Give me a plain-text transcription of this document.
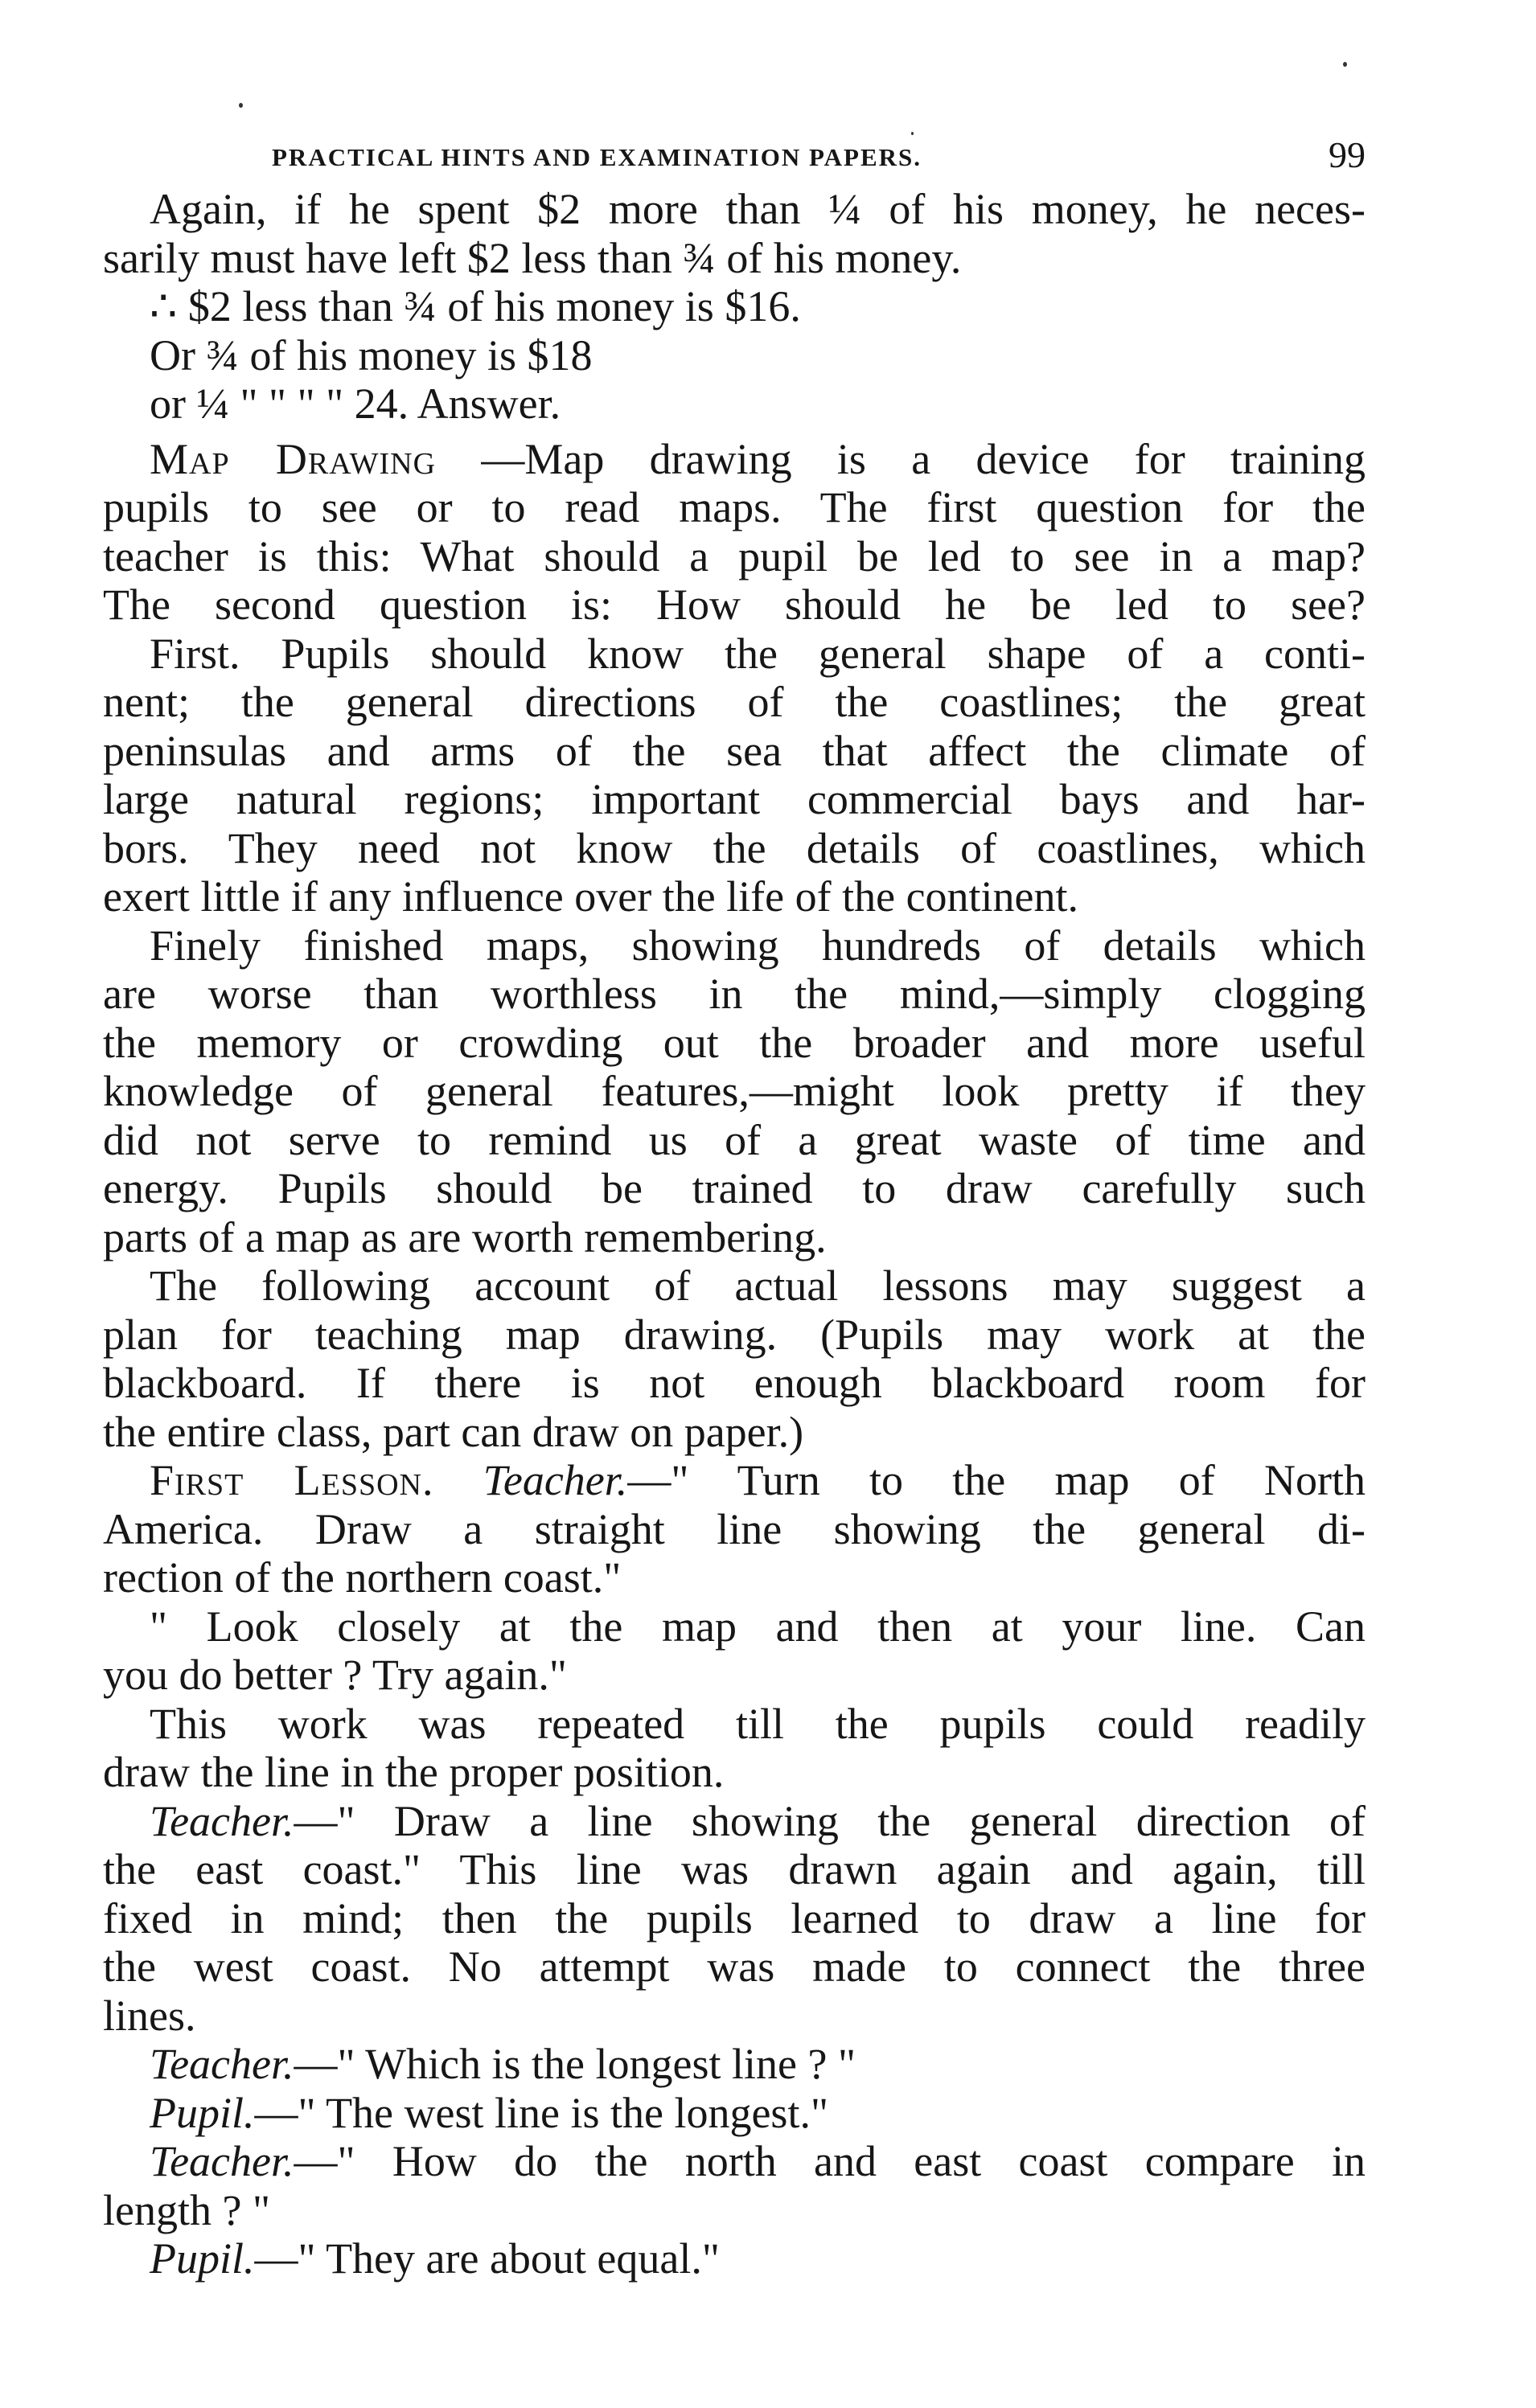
PRACTICAL HINTS AND EXAMINATION PAPERS.	99
Again, if he spent $2 more than ¼ of his money, he neces-
sarily must have left $2 less than ¾ of his money.
∴ $2 less than ¾ of his money is $16.
Or ¾ of his money is $18
or ¼ " " " " 24. Answer.
Map Drawing —Map drawing is a device for training
pupils to see or to read maps. The first question for the
teacher is this: What should a pupil be led to see in a map?
The second question is: How should he be led to see?
First. Pupils should know the general shape of a conti-
nent; the general directions of the coastlines; the great
peninsulas and arms of the sea that affect the climate of
large natural regions; important commercial bays and har-
bors. They need not know the details of coastlines, which
exert little if any influence over the life of the continent.
Finely finished maps, showing hundreds of details which
are worse than worthless in the mind,—simply clogging
the memory or crowding out the broader and more useful
knowledge of general features,—might look pretty if they
did not serve to remind us of a great waste of time and
energy. Pupils should be trained to draw carefully such
parts of a map as are worth remembering.
The following account of actual lessons may suggest a
plan for teaching map drawing. (Pupils may work at the
blackboard. If there is not enough blackboard room for
the entire class, part can draw on paper.)
First Lesson. Teacher.—" Turn to the map of North
America. Draw a straight line showing the general di-
rection of the northern coast."
" Look closely at the map and then at your line. Can
you do better ? Try again."
This work was repeated till the pupils could readily
draw the line in the proper position.
Teacher.—" Draw a line showing the general direction of
the east coast." This line was drawn again and again, till
fixed in mind; then the pupils learned to draw a line for
the west coast. No attempt was made to connect the three
lines.
Teacher.—" Which is the longest line ? "
Pupil.—" The west line is the longest."
Teacher.—" How do the north and east coast compare in
length ? "
Pupil.—" They are about equal."
